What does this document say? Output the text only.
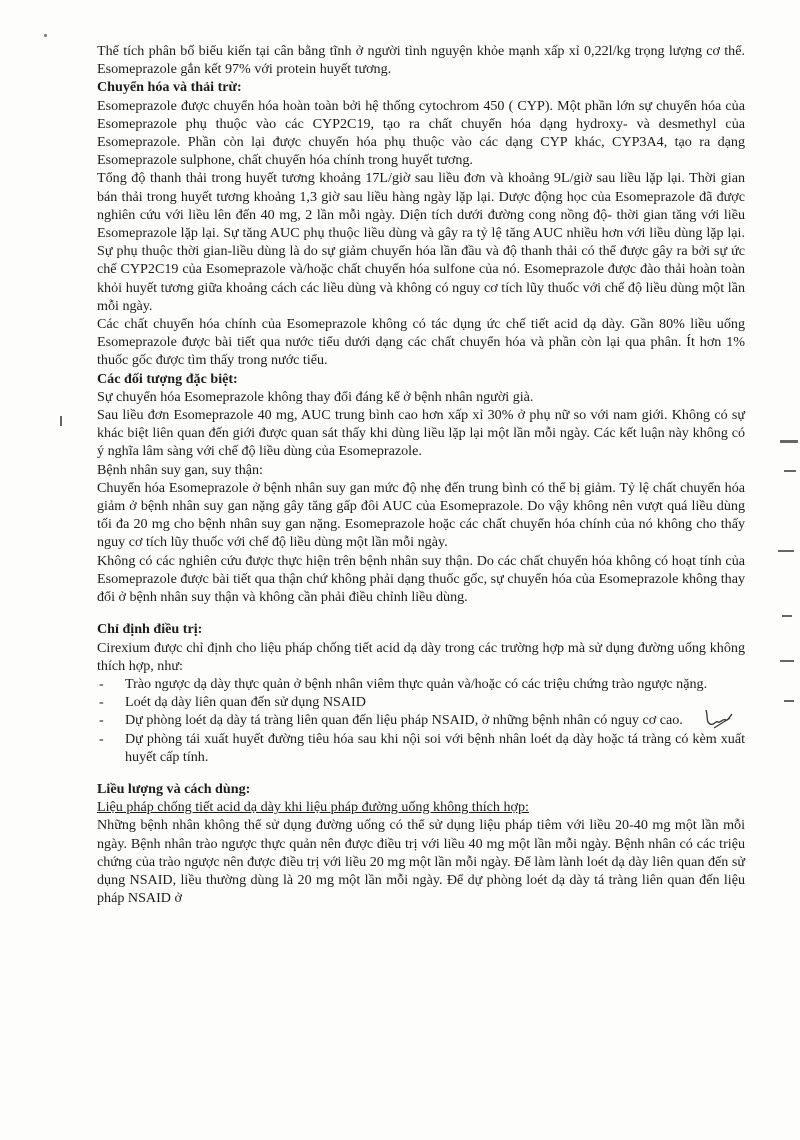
Thể tích phân bố biểu kiến tại cân bằng tĩnh ở người tình nguyện khỏe mạnh xấp xỉ 0,22l/kg trọng lượng cơ thể. Esomeprazole gắn kết 97% với protein huyết tương.

Chuyển hóa và thải trừ:

Esomeprazole được chuyển hóa hoàn toàn bởi hệ thống cytochrom 450 ( CYP). Một phần lớn sự chuyển hóa của Esomeprazole phụ thuộc vào các CYP2C19, tạo ra chất chuyển hóa dạng hydroxy- và desmethyl của Esomeprazole. Phần còn lại được chuyển hóa phụ thuộc vào các dạng CYP khác, CYP3A4, tạo ra dạng Esomeprazole sulphone, chất chuyển hóa chính trong huyết tương.

Tổng độ thanh thải trong huyết tương khoảng 17L/giờ sau liều đơn và khoảng 9L/giờ sau liều lặp lại. Thời gian bán thải trong huyết tương khoảng 1,3 giờ sau liều hàng ngày lặp lại. Dược động học của Esomeprazole đã được nghiên cứu với liều lên đến 40 mg, 2 lần mỗi ngày. Diện tích dưới đường cong nồng độ- thời gian tăng với liều Esomeprazole lặp lại. Sự tăng AUC phụ thuộc liều dùng và gây ra tỷ lệ tăng AUC nhiều hơn với liều dùng lặp lại. Sự phụ thuộc thời gian-liều dùng là do sự giảm chuyển hóa lần đầu và độ thanh thải có thể được gây ra bởi sự ức chế CYP2C19 của Esomeprazole và/hoặc chất chuyển hóa sulfone của nó. Esomeprazole được đào thải hoàn toàn khỏi huyết tương giữa khoảng cách các liều dùng và không có nguy cơ tích lũy thuốc với chế độ liều dùng một lần mỗi ngày.

Các chất chuyển hóa chính của Esomeprazole không có tác dụng ức chế tiết acid dạ dày. Gần 80% liều uống Esomeprazole được bài tiết qua nước tiểu dưới dạng các chất chuyển hóa và phần còn lại qua phân. Ít hơn 1% thuốc gốc được tìm thấy trong nước tiểu.

Các đối tượng đặc biệt:

Sự chuyển hóa Esomeprazole không thay đổi đáng kể ở bệnh nhân người già.

Sau liều đơn Esomeprazole 40 mg, AUC trung bình cao hơn xấp xỉ 30% ở phụ nữ so với nam giới. Không có sự khác biệt liên quan đến giới được quan sát thấy khi dùng liều lặp lại một lần mỗi ngày. Các kết luận này không có ý nghĩa lâm sàng với chế độ liều dùng của Esomeprazole.

Bệnh nhân suy gan, suy thận:

Chuyển hóa Esomeprazole ở bệnh nhân suy gan mức độ nhẹ đến trung bình có thể bị giảm. Tỷ lệ chất chuyển hóa giảm ở bệnh nhân suy gan nặng gây tăng gấp đôi AUC của Esomeprazole. Do vậy không nên vượt quá liều dùng tối đa 20 mg cho bệnh nhân suy gan nặng. Esomeprazole hoặc các chất chuyển hóa chính của nó không cho thấy nguy cơ tích lũy thuốc với chế độ liều dùng một lần mỗi ngày.

Không có các nghiên cứu được thực hiện trên bệnh nhân suy thận. Do các chất chuyển hóa không có hoạt tính của Esomeprazole được bài tiết qua thận chứ không phải dạng thuốc gốc, sự chuyển hóa của Esomeprazole không thay đổi ở bệnh nhân suy thận và không cần phải điều chỉnh liều dùng.

Chỉ định điều trị:

Cirexium được chỉ định cho liệu pháp chống tiết acid dạ dày trong các trường hợp mà sử dụng đường uống không thích hợp, như:

- Trào ngược dạ dày thực quản ở bệnh nhân viêm thực quản và/hoặc có các triệu chứng trào ngược nặng.
- Loét dạ dày liên quan đến sử dụng NSAID
- Dự phòng loét dạ dày tá tràng liên quan đến liệu pháp NSAID, ở những bệnh nhân có nguy cơ cao.
- Dự phòng tái xuất huyết đường tiêu hóa sau khi nội soi với bệnh nhân loét dạ dày hoặc tá tràng có kèm xuất huyết cấp tính.

Liều lượng và cách dùng:

Liệu pháp chống tiết acid dạ dày khi liệu pháp đường uống không thích hợp:

Những bệnh nhân không thể sử dụng đường uống có thể sử dụng liệu pháp tiêm với liều 20-40 mg một lần mỗi ngày. Bệnh nhân trào ngược thực quản nên được điều trị với liều 40 mg một lần mỗi ngày. Bệnh nhân có các triệu chứng của trào ngược nên được điều trị với liều 20 mg một lần mỗi ngày. Để làm lành loét dạ dày liên quan đến sử dụng NSAID, liều thường dùng là 20 mg một lần mỗi ngày. Để dự phòng loét dạ dày tá tràng liên quan đến liệu pháp NSAID ở
